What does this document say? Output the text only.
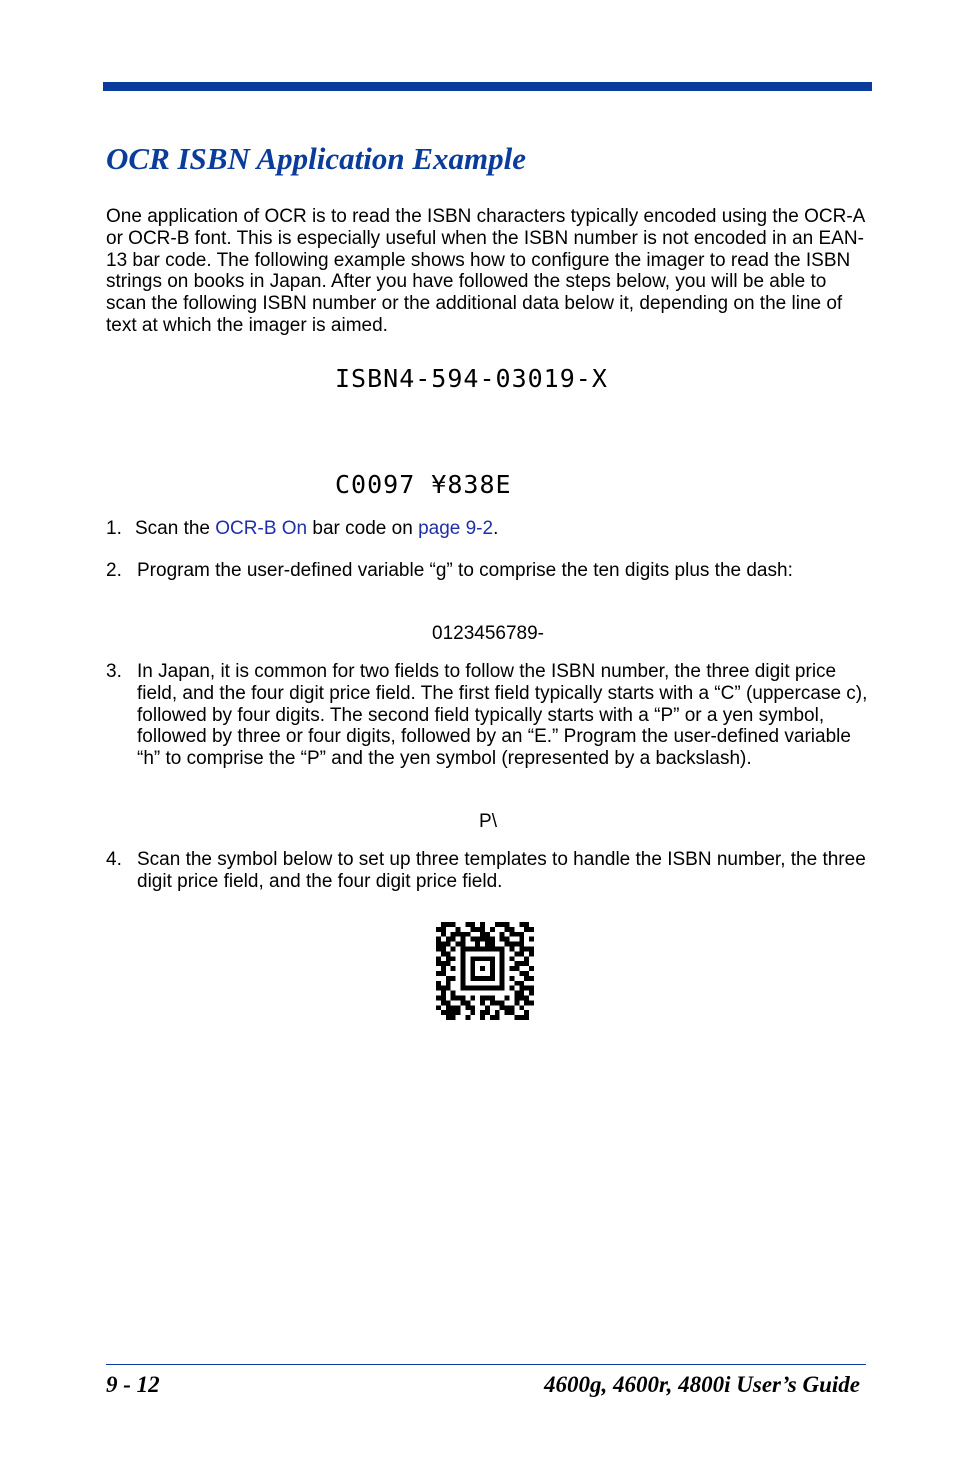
OCR ISBN Application Example

One application of OCR is to read the ISBN characters typically encoded using the OCR-A or OCR-B font. This is especially useful when the ISBN number is not encoded in an EAN-13 bar code. The following example shows how to configure the imager to read the ISBN strings on books in Japan. After you have followed the steps below, you will be able to scan the following ISBN number or the additional data below it, depending on the line of text at which the imager is aimed.

ISBN4-594-03019-X
C0097 ¥838E
1. Scan the OCR-B On bar code on page 9-2.
2. Program the user-defined variable “g” to comprise the ten digits plus the dash:
0123456789-
3. In Japan, it is common for two fields to follow the ISBN number, the three digit price field, and the four digit price field. The first field typically starts with a “C” (uppercase c), followed by four digits. The second field typically starts with a “P” or a yen symbol, followed by three or four digits, followed by an “E.” Program the user-defined variable “h” to comprise the “P” and the yen symbol (represented by a backslash).
P\
4. Scan the symbol below to set up three templates to handle the ISBN number, the three digit price field, and the four digit price field.

9 - 12	4600g, 4600r, 4800i User’s Guide
